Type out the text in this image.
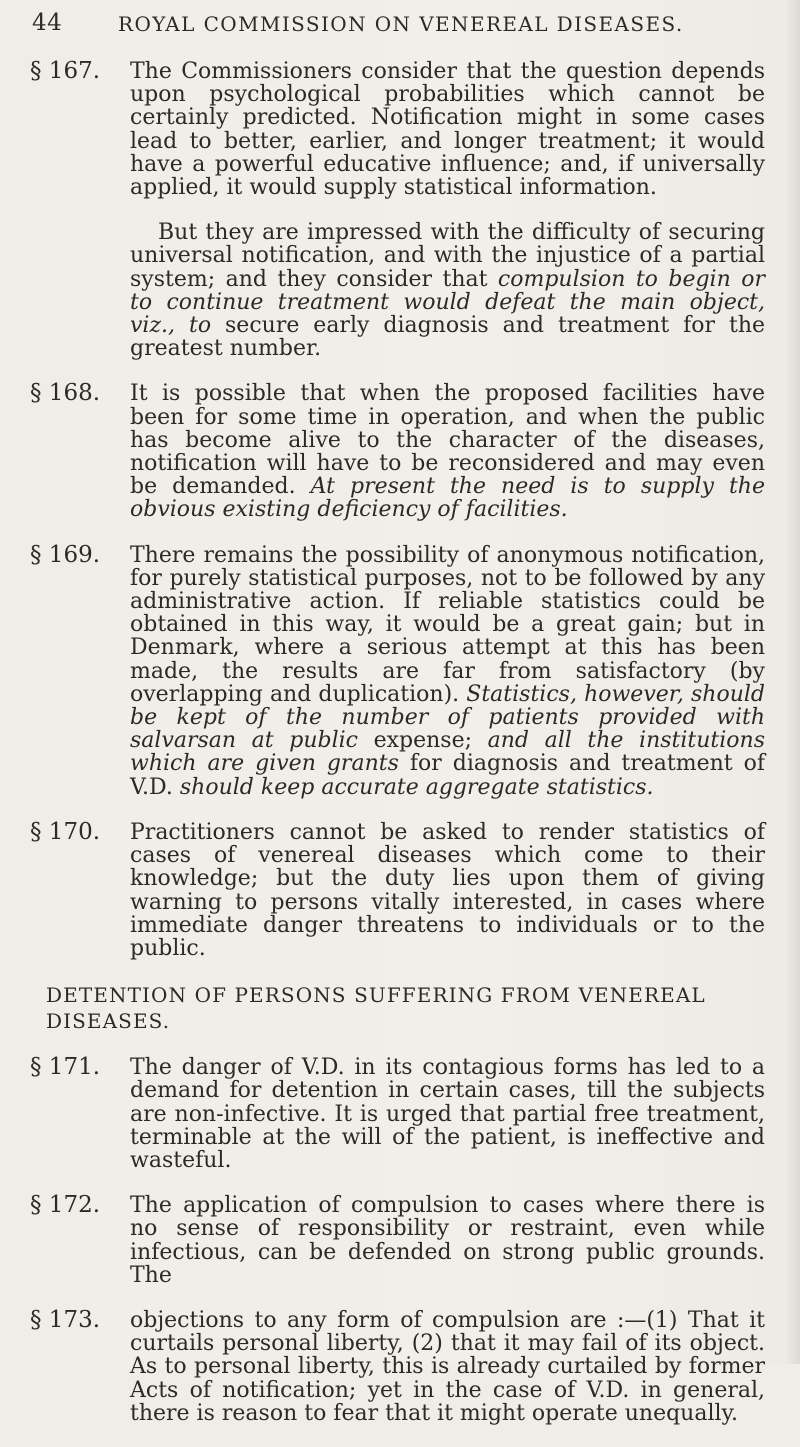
44	ROYAL COMMISSION ON VENEREAL DISEASES.
§ 167. The Commissioners consider that the question depends upon psychological probabilities which cannot be certainly predicted. Notification might in some cases lead to better, earlier, and longer treatment; it would have a powerful educative influence; and, if universally applied, it would supply statistical information.

But they are impressed with the difficulty of securing universal notification, and with the injustice of a partial system; and they consider that compulsion to begin or to continue treatment would defeat the main object, viz., to secure early diagnosis and treatment for the greatest number.

§ 168. It is possible that when the proposed facilities have been for some time in operation, and when the public has become alive to the character of the diseases, notification will have to be reconsidered and may even be demanded. At present the need is to supply the obvious existing deficiency of facilities.

§ 169. There remains the possibility of anonymous notification, for purely statistical purposes, not to be followed by any administrative action. If reliable statistics could be obtained in this way, it would be a great gain; but in Denmark, where a serious attempt at this has been made, the results are far from satisfactory (by overlapping and duplication). Statistics, however, should be kept of the number of patients provided with salvarsan at public expense; and all the institutions which are given grants for diagnosis and treatment of V.D. should keep accurate aggregate statistics.

§ 170. Practitioners cannot be asked to render statistics of cases of venereal diseases which come to their knowledge; but the duty lies upon them of giving warning to persons vitally interested, in cases where immediate danger threatens to individuals or to the public.

DETENTION OF PERSONS SUFFERING FROM VENEREAL DISEASES.
§ 171. The danger of V.D. in its contagious forms has led to a demand for detention in certain cases, till the subjects are non-infective. It is urged that partial free treatment, terminable at the will of the patient, is ineffective and wasteful.

§ 172. The application of compulsion to cases where there is no sense of responsibility or restraint, even while infectious, can be defended on strong public grounds. The

§ 173. objections to any form of compulsion are :—(1) That it curtails personal liberty, (2) that it may fail of its object. As to personal liberty, this is already curtailed by former Acts of notification; yet in the case of V.D. in general, there is reason to fear that it might operate unequally.
